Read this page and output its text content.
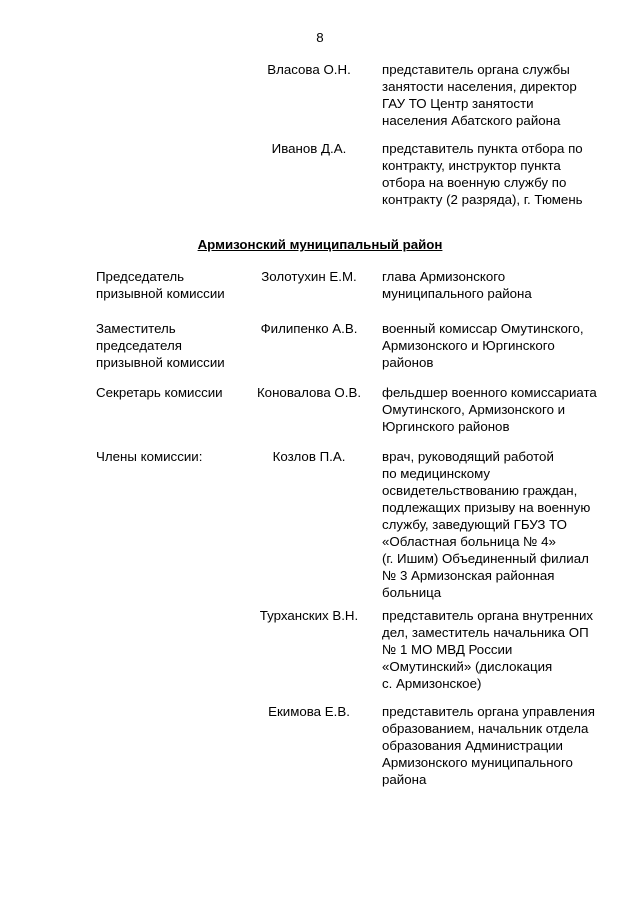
8
Власова О.Н.	представитель органа службы
занятости населения, директор
ГАУ ТО Центр занятости
населения Абатского района
Иванов Д.А.	представитель пункта отбора по
контракту, инструктор пункта
отбора на военную службу по
контракту (2 разряда), г. Тюмень
Армизонский муниципальный район
Председатель
призывной комиссии
Золотухин Е.М.	глава Армизонского
муниципального района
Заместитель
председателя
призывной комиссии
Филипенко А.В.	военный комиссар Омутинского,
Армизонского и Юргинского
районов
Секретарь комиссии	Коновалова О.В.	фельдшер военного комиссариата
Омутинского, Армизонского и
Юргинского районов
Члены комиссии:	Козлов П.А.	врач, руководящий работой
по медицинскому
освидетельствованию граждан,
подлежащих призыву на военную
службу, заведующий ГБУЗ ТО
«Областная больница № 4»
(г. Ишим) Объединенный филиал
№ 3 Армизонская районная
больница
Турханских В.Н.	представитель органа внутренних
дел, заместитель начальника ОП
№ 1 МО МВД России
«Омутинский» (дислокация
с. Армизонское)
Екимова Е.В.	представитель органа управления
образованием, начальник отдела
образования Администрации
Армизонского муниципального
района
